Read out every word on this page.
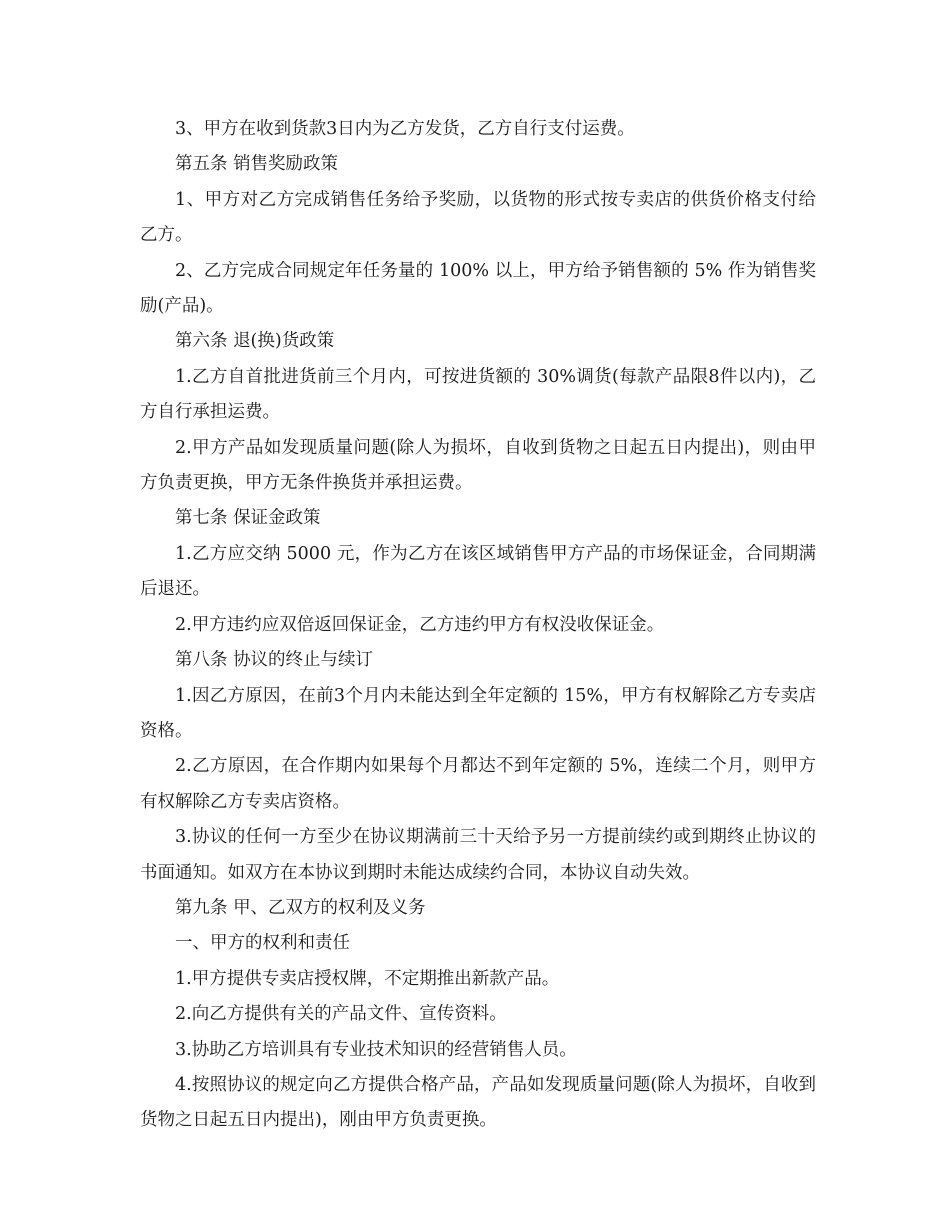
3、甲方在收到货款3日内为乙方发货，乙方自行支付运费。

第五条 销售奖励政策

1、甲方对乙方完成销售任务给予奖励，以货物的形式按专卖店的供货价格支付给乙方。

2、乙方完成合同规定年任务量的 100% 以上，甲方给予销售额的 5% 作为销售奖励(产品)。

第六条 退(换)货政策

1.乙方自首批进货前三个月内，可按进货额的 30%调货(每款产品限8件以内)，乙方自行承担运费。

2.甲方产品如发现质量问题(除人为损坏，自收到货物之日起五日内提出)，则由甲方负责更换，甲方无条件换货并承担运费。

第七条 保证金政策

1.乙方应交纳 5000 元，作为乙方在该区域销售甲方产品的市场保证金，合同期满后退还。

2.甲方违约应双倍返回保证金，乙方违约甲方有权没收保证金。

第八条 协议的终止与续订

1.因乙方原因，在前3个月内未能达到全年定额的 15%，甲方有权解除乙方专卖店资格。

2.乙方原因，在合作期内如果每个月都达不到年定额的 5%，连续二个月，则甲方有权解除乙方专卖店资格。

3.协议的任何一方至少在协议期满前三十天给予另一方提前续约或到期终止协议的书面通知。如双方在本协议到期时未能达成续约合同，本协议自动失效。

第九条 甲、乙双方的权利及义务

一、甲方的权利和责任

1.甲方提供专卖店授权牌，不定期推出新款产品。

2.向乙方提供有关的产品文件、宣传资料。

3.协助乙方培训具有专业技术知识的经营销售人员。

4.按照协议的规定向乙方提供合格产品，产品如发现质量问题(除人为损坏，自收到货物之日起五日内提出)，刚由甲方负责更换。
